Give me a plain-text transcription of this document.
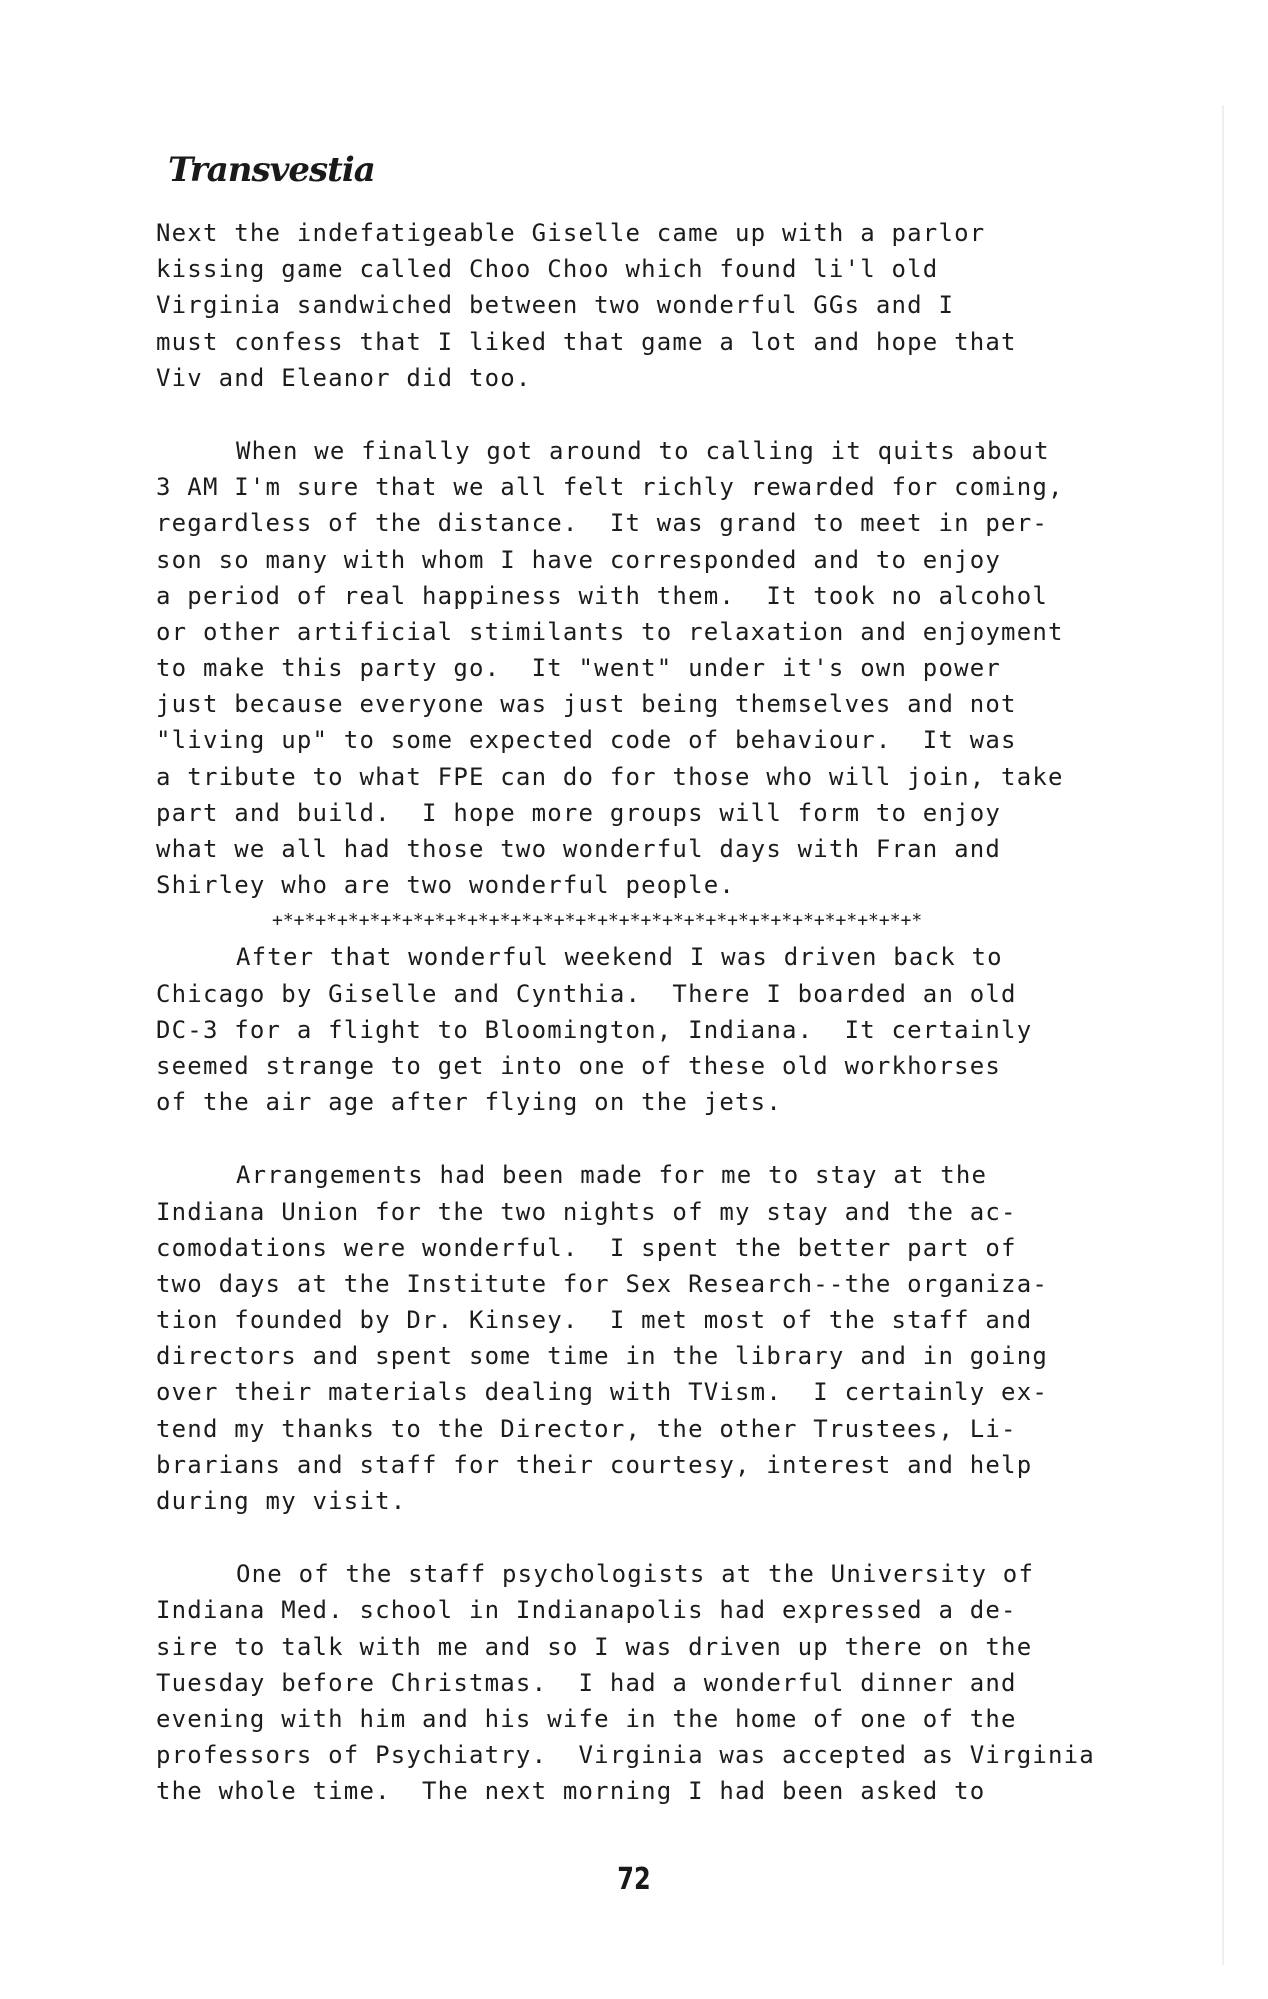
Transvestia
Next the indefatigeable Giselle came up with a parlor
kissing game called Choo Choo which found li'l old
Virginia sandwiched between two wonderful GGs and I
must confess that I liked that game a lot and hope that
Viv and Eleanor did too.
When we finally got around to calling it quits about
3 AM I'm sure that we all felt richly rewarded for coming,
regardless of the distance.  It was grand to meet in per-
son so many with whom I have corresponded and to enjoy
a period of real happiness with them.  It took no alcohol
or other artificial stimilants to relaxation and enjoyment
to make this party go.  It "went" under it's own power
just because everyone was just being themselves and not
"living up" to some expected code of behaviour.  It was
a tribute to what FPE can do for those who will join, take
part and build.  I hope more groups will form to enjoy
what we all had those two wonderful days with Fran and
Shirley who are two wonderful people.
+*+*+*+*+*+*+*+*+*+*+*+*+*+*+*+*+*+*+*+*+*+*+*+*+*+*+*+*+*+*
After that wonderful weekend I was driven back to
Chicago by Giselle and Cynthia.  There I boarded an old
DC-3 for a flight to Bloomington, Indiana.  It certainly
seemed strange to get into one of these old workhorses
of the air age after flying on the jets.
Arrangements had been made for me to stay at the
Indiana Union for the two nights of my stay and the ac-
comodations were wonderful.  I spent the better part of
two days at the Institute for Sex Research--the organiza-
tion founded by Dr. Kinsey.  I met most of the staff and
directors and spent some time in the library and in going
over their materials dealing with TVism.  I certainly ex-
tend my thanks to the Director, the other Trustees, Li-
brarians and staff for their courtesy, interest and help
during my visit.
One of the staff psychologists at the University of
Indiana Med. school in Indianapolis had expressed a de-
sire to talk with me and so I was driven up there on the
Tuesday before Christmas.  I had a wonderful dinner and
evening with him and his wife in the home of one of the
professors of Psychiatry.  Virginia was accepted as Virginia
the whole time.  The next morning I had been asked to
72
